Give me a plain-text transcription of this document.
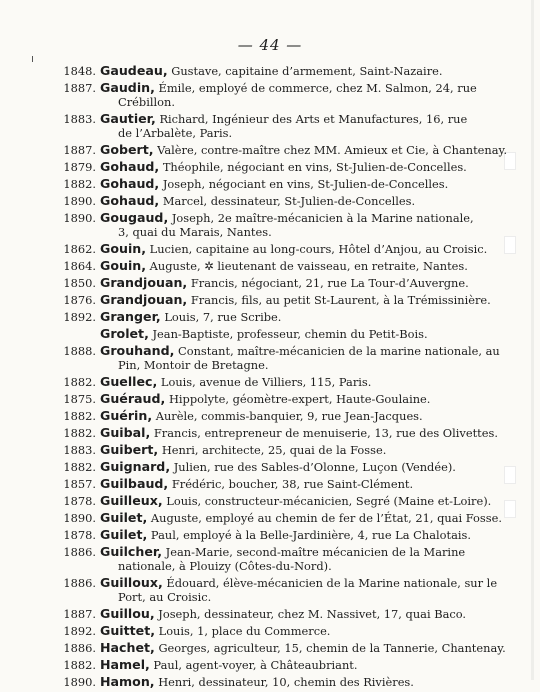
— 44 —
1848. Gaudeau, Gustave, capitaine d’armement, Saint-Nazaire.
1887. Gaudin, Émile, employé de commerce, chez M. Salmon, 24, rue
Crébillon.
1883. Gautier, Richard, Ingénieur des Arts et Manufactures, 16, rue
de l’Arbalète, Paris.
1887. Gobert, Valère, contre-maître chez MM. Amieux et Cie, à Chantenay.
1879. Gohaud, Théophile, négociant en vins, St-Julien-de-Concelles.
1882. Gohaud, Joseph, négociant en vins, St-Julien-de-Concelles.
1890. Gohaud, Marcel, dessinateur, St-Julien-de-Concelles.
1890. Gougaud, Joseph, 2e maître-mécanicien à la Marine nationale,
3, quai du Marais, Nantes.
1862. Gouin, Lucien, capitaine au long-cours, Hôtel d’Anjou, au Croisic.
1864. Gouin, Auguste, ✲ lieutenant de vaisseau, en retraite, Nantes.
1850. Grandjouan, Francis, négociant, 21, rue La Tour-d’Auvergne.
1876. Grandjouan, Francis, fils, au petit St-Laurent, à la Trémissinière.
1892. Granger, Louis, 7, rue Scribe.
Grolet, Jean-Baptiste, professeur, chemin du Petit-Bois.
1888. Grouhand, Constant, maître-mécanicien de la marine nationale, au
Pin, Montoir de Bretagne.
1882. Guellec, Louis, avenue de Villiers, 115, Paris.
1875. Guéraud, Hippolyte, géomètre-expert, Haute-Goulaine.
1882. Guérin, Aurèle, commis-banquier, 9, rue Jean-Jacques.
1882. Guibal, Francis, entrepreneur de menuiserie, 13, rue des Olivettes.
1883. Guibert, Henri, architecte, 25, quai de la Fosse.
1882. Guignard, Julien, rue des Sables-d’Olonne, Luçon (Vendée).
1857. Guilbaud, Frédéric, boucher, 38, rue Saint-Clément.
1878. Guilleux, Louis, constructeur-mécanicien, Segré (Maine et-Loire).
1890. Guilet, Auguste, employé au chemin de fer de l’État, 21, quai Fosse.
1878. Guilet, Paul, employé à la Belle-Jardinière, 4, rue La Chalotais.
1886. Guilcher, Jean-Marie, second-maître mécanicien de la Marine
nationale, à Plouizy (Côtes-du-Nord).
1886. Guilloux, Édouard, élève-mécanicien de la Marine nationale, sur le
Port, au Croisic.
1887. Guillou, Joseph, dessinateur, chez M. Nassivet, 17, quai Baco.
1892. Guittet, Louis, 1, place du Commerce.
1886. Hachet, Georges, agriculteur, 15, chemin de la Tannerie, Chantenay.
1882. Hamel, Paul, agent-voyer, à Châteaubriant.
1890. Hamon, Henri, dessinateur, 10, chemin des Rivières.
